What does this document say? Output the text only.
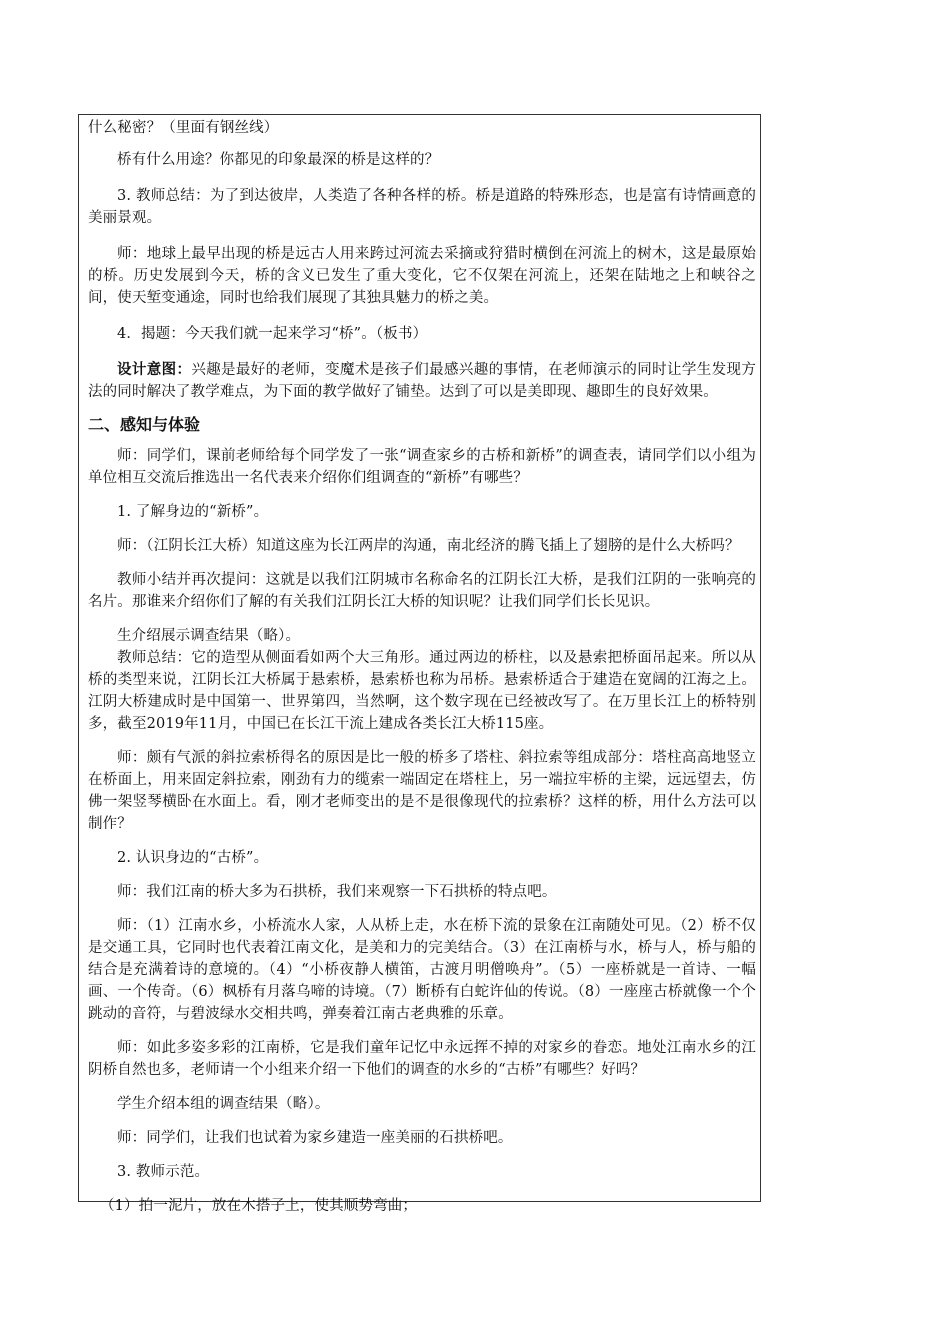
什么秘密？（里面有钢丝线）

桥有什么用途？你都见的印象最深的桥是这样的？

3. 教师总结：为了到达彼岸，人类造了各种各样的桥。桥是道路的特殊形态，也是富有诗情画意的美丽景观。

师：地球上最早出现的桥是远古人用来跨过河流去采摘或狩猎时横倒在河流上的树木，这是最原始的桥。历史发展到今天，桥的含义已发生了重大变化，它不仅架在河流上，还架在陆地之上和峡谷之间，使天堑变通途，同时也给我们展现了其独具魅力的桥之美。

4．揭题：今天我们就一起来学习“桥”。（板书）

设计意图：兴趣是最好的老师，变魔术是孩子们最感兴趣的事情，在老师演示的同时让学生发现方法的同时解决了教学难点，为下面的教学做好了铺垫。达到了可以是美即现、趣即生的良好效果。

二、感知与体验

师：同学们，课前老师给每个同学发了一张“调查家乡的古桥和新桥”的调查表，请同学们以小组为单位相互交流后推选出一名代表来介绍你们组调查的“新桥”有哪些？

1. 了解身边的“新桥”。

师：（江阴长江大桥）知道这座为长江两岸的沟通，南北经济的腾飞插上了翅膀的是什么大桥吗？

教师小结并再次提问：这就是以我们江阴城市名称命名的江阴长江大桥，是我们江阴的一张响亮的名片。那谁来介绍你们了解的有关我们江阴长江大桥的知识呢？让我们同学们长长见识。

生介绍展示调查结果（略）。

教师总结：它的造型从侧面看如两个大三角形。通过两边的桥柱，以及悬索把桥面吊起来。所以从桥的类型来说，江阴长江大桥属于悬索桥，悬索桥也称为吊桥。悬索桥适合于建造在宽阔的江海之上。江阴大桥建成时是中国第一、世界第四，当然啊，这个数字现在已经被改写了。在万里长江上的桥特别多，截至2019年11月，中国已在长江干流上建成各类长江大桥115座。

师：颇有气派的斜拉索桥得名的原因是比一般的桥多了塔柱、斜拉索等组成部分：塔柱高高地竖立在桥面上，用来固定斜拉索，刚劲有力的缆索一端固定在塔柱上，另一端拉牢桥的主梁，远远望去，仿佛一架竖琴横卧在水面上。看，刚才老师变出的是不是很像现代的拉索桥？这样的桥，用什么方法可以制作？

2. 认识身边的“古桥”。

师：我们江南的桥大多为石拱桥，我们来观察一下石拱桥的特点吧。

师：（1）江南水乡，小桥流水人家，人从桥上走，水在桥下流的景象在江南随处可见。（2）桥不仅是交通工具，它同时也代表着江南文化，是美和力的完美结合。（3）在江南桥与水，桥与人，桥与船的结合是充满着诗的意境的。（4）“小桥夜静人横笛，古渡月明僧唤舟”。（5）一座桥就是一首诗、一幅画、一个传奇。（6）枫桥有月落乌啼的诗境。（7）断桥有白蛇许仙的传说。（8）一座座古桥就像一个个跳动的音符，与碧波绿水交相共鸣，弹奏着江南古老典雅的乐章。

师：如此多姿多彩的江南桥，它是我们童年记忆中永远挥不掉的对家乡的眷恋。地处江南水乡的江阴桥自然也多，老师请一个小组来介绍一下他们的调查的水乡的“古桥”有哪些？好吗？

学生介绍本组的调查结果（略）。

师：同学们，让我们也试着为家乡建造一座美丽的石拱桥吧。

3. 教师示范。

（1）拍一泥片，放在木搭子上，使其顺势弯曲；
